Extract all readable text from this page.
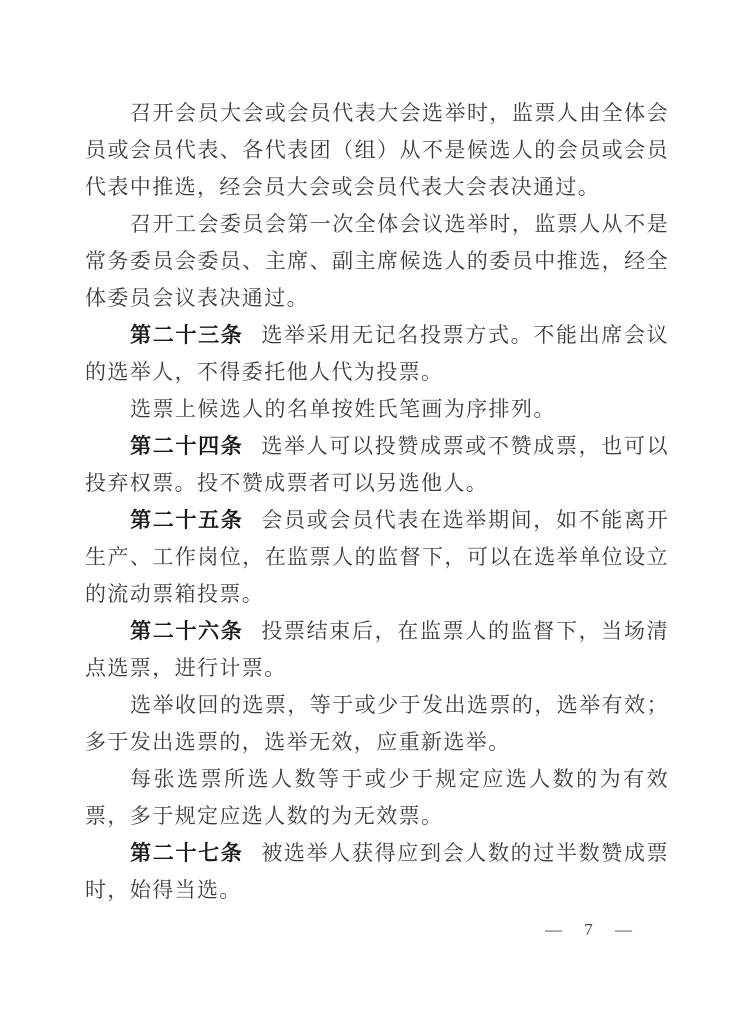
召开会员大会或会员代表大会选举时，监票人由全体会员或会员代表、各代表团（组）从不是候选人的会员或会员代表中推选，经会员大会或会员代表大会表决通过。

召开工会委员会第一次全体会议选举时，监票人从不是常务委员会委员、主席、副主席候选人的委员中推选，经全体委员会议表决通过。

第二十三条 选举采用无记名投票方式。不能出席会议的选举人，不得委托他人代为投票。

选票上候选人的名单按姓氏笔画为序排列。

第二十四条 选举人可以投赞成票或不赞成票，也可以投弃权票。投不赞成票者可以另选他人。

第二十五条 会员或会员代表在选举期间，如不能离开生产、工作岗位，在监票人的监督下，可以在选举单位设立的流动票箱投票。

第二十六条 投票结束后，在监票人的监督下，当场清点选票，进行计票。

选举收回的选票，等于或少于发出选票的，选举有效；多于发出选票的，选举无效，应重新选举。

每张选票所选人数等于或少于规定应选人数的为有效票，多于规定应选人数的为无效票。

第二十七条 被选举人获得应到会人数的过半数赞成票时，始得当选。

— 7 —
